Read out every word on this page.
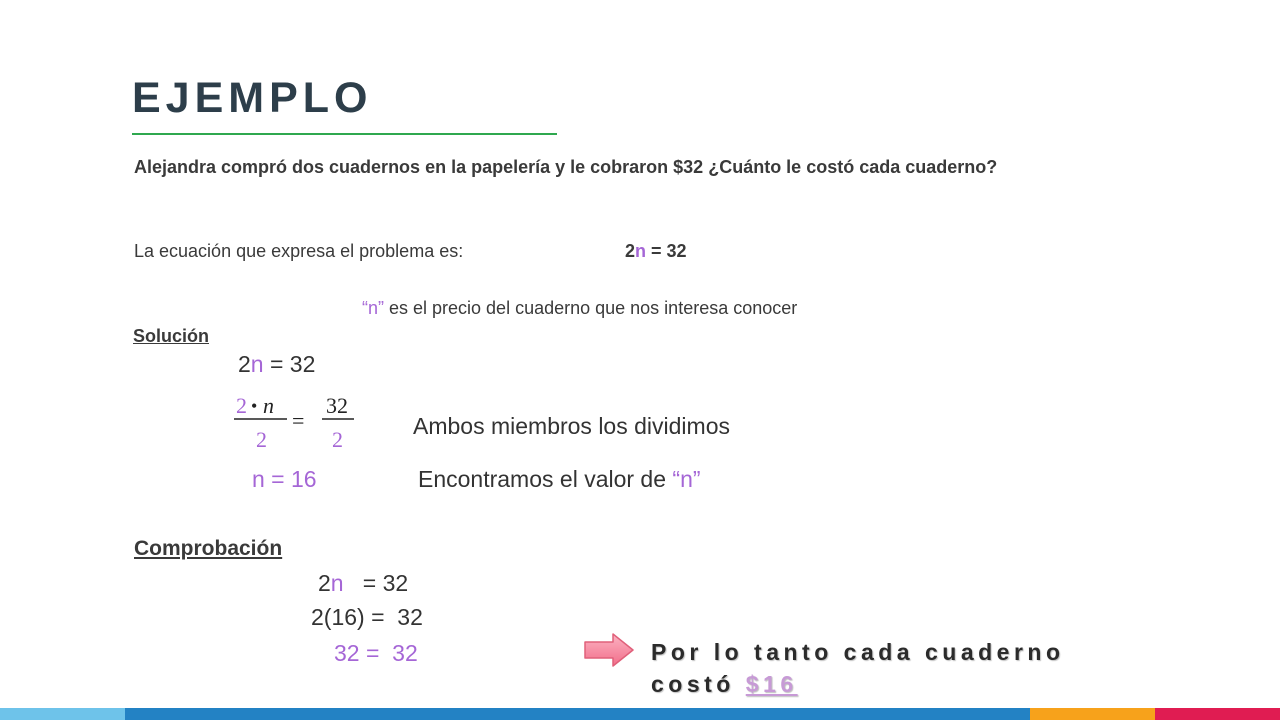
EJEMPLO
Alejandra compró dos cuadernos en la papelería y le cobraron $32 ¿Cuánto le costó cada cuaderno?
La ecuación que expresa el problema es:	2n = 32
“n” es el precio del cuaderno que nos interesa conocer
Solución
2n = 32
2 • n
2
=
32
2
Ambos miembros los dividimos
n = 16	Encontramos el valor de “n”
Comprobación
2n   = 32
2(16) =  32
32 =  32	Por lo tanto cada cuaderno
costó $16
